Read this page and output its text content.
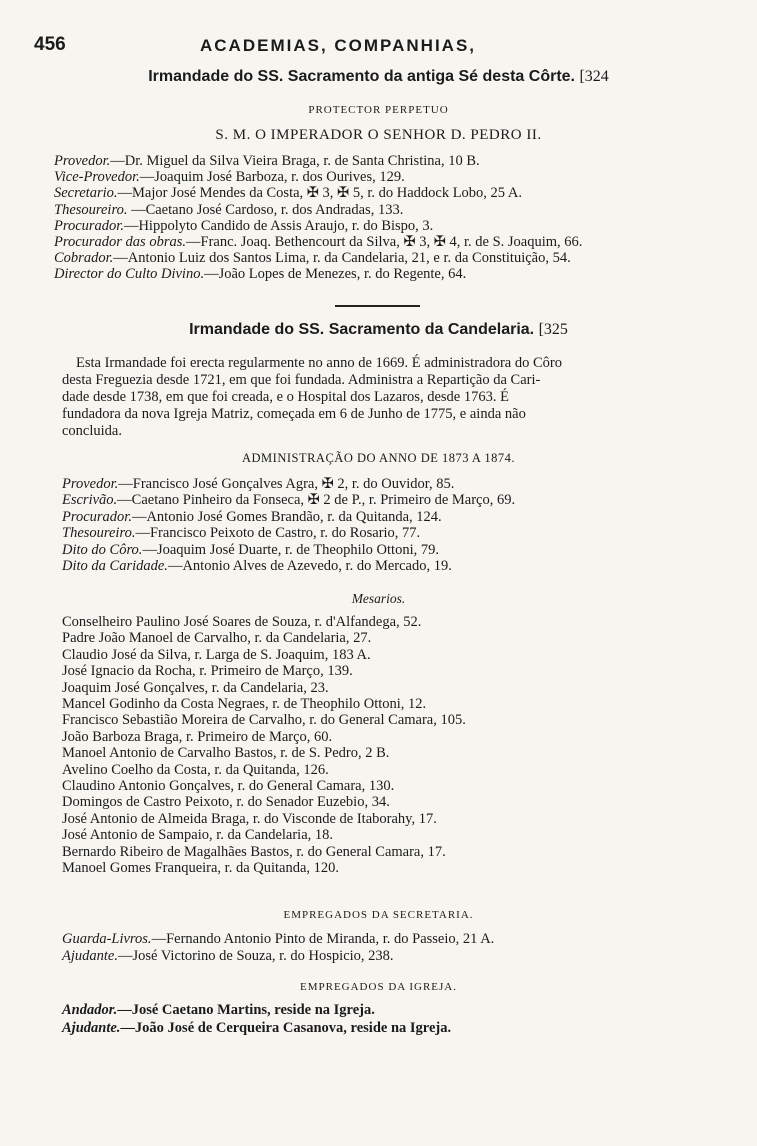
456	ACADEMIAS, COMPANHIAS,
Irmandade do SS. Sacramento da antiga Sé desta Côrte. [324
PROTECTOR PERPETUO
S. M. O IMPERADOR O SENHOR D. PEDRO II.
Provedor.—Dr. Miguel da Silva Vieira Braga, r. de Santa Christina, 10 B.
Vice-Provedor.—Joaquim José Barboza, r. dos Ourives, 129.
Secretario.—Major José Mendes da Costa, ✠ 3, ✠ 5, r. do Haddock Lobo, 25 A.
Thesoureiro. —Caetano José Cardoso, r. dos Andradas, 133.
Procurador.—Hippolyto Candido de Assis Araujo, r. do Bispo, 3.
Procurador das obras.—Franc. Joaq. Bethencourt da Silva, ✠ 3, ✠ 4, r. de S. Joaquim, 66.
Cobrador.—Antonio Luiz dos Santos Lima, r. da Candelaria, 21, e r. da Constituição, 54.
Director do Culto Divino.—João Lopes de Menezes, r. do Regente, 64.
Irmandade do SS. Sacramento da Candelaria. [325
Esta Irmandade foi erecta regularmente no anno de 1669. É administradora do Côro
desta Freguezia desde 1721, em que foi fundada. Administra a Repartição da Cari-
dade desde 1738, em que foi creada, e o Hospital dos Lazaros, desde 1763. É
fundadora da nova Igreja Matriz, começada em 6 de Junho de 1775, e ainda não
concluida.
ADMINISTRAÇÃO DO ANNO DE 1873 A 1874.
Provedor.—Francisco José Gonçalves Agra, ✠ 2, r. do Ouvidor, 85.
Escrivão.—Caetano Pinheiro da Fonseca, ✠ 2 de P., r. Primeiro de Março, 69.
Procurador.—Antonio José Gomes Brandão, r. da Quitanda, 124.
Thesoureiro.—Francisco Peixoto de Castro, r. do Rosario, 77.
Dito do Côro.—Joaquim José Duarte, r. de Theophilo Ottoni, 79.
Dito da Caridade.—Antonio Alves de Azevedo, r. do Mercado, 19.
Mesarios.
Conselheiro Paulino José Soares de Souza, r. d'Alfandega, 52.
Padre João Manoel de Carvalho, r. da Candelaria, 27.
Claudio José da Silva, r. Larga de S. Joaquim, 183 A.
José Ignacio da Rocha, r. Primeiro de Março, 139.
Joaquim José Gonçalves, r. da Candelaria, 23.
Mancel Godinho da Costa Negraes, r. de Theophilo Ottoni, 12.
Francisco Sebastião Moreira de Carvalho, r. do General Camara, 105.
João Barboza Braga, r. Primeiro de Março, 60.
Manoel Antonio de Carvalho Bastos, r. de S. Pedro, 2 B.
Avelino Coelho da Costa, r. da Quitanda, 126.
Claudino Antonio Gonçalves, r. do General Camara, 130.
Domingos de Castro Peixoto, r. do Senador Euzebio, 34.
José Antonio de Almeida Braga, r. do Visconde de Itaborahy, 17.
José Antonio de Sampaio, r. da Candelaria, 18.
Bernardo Ribeiro de Magalhães Bastos, r. do General Camara, 17.
Manoel Gomes Franqueira, r. da Quitanda, 120.
EMPREGADOS DA SECRETARIA.
Guarda-Livros.—Fernando Antonio Pinto de Miranda, r. do Passeio, 21 A.
Ajudante.—José Victorino de Souza, r. do Hospicio, 238.
EMPREGADOS DA IGREJA.
Andador.—José Caetano Martins, reside na Igreja.
Ajudante.—João José de Cerqueira Casanova, reside na Igreja.
